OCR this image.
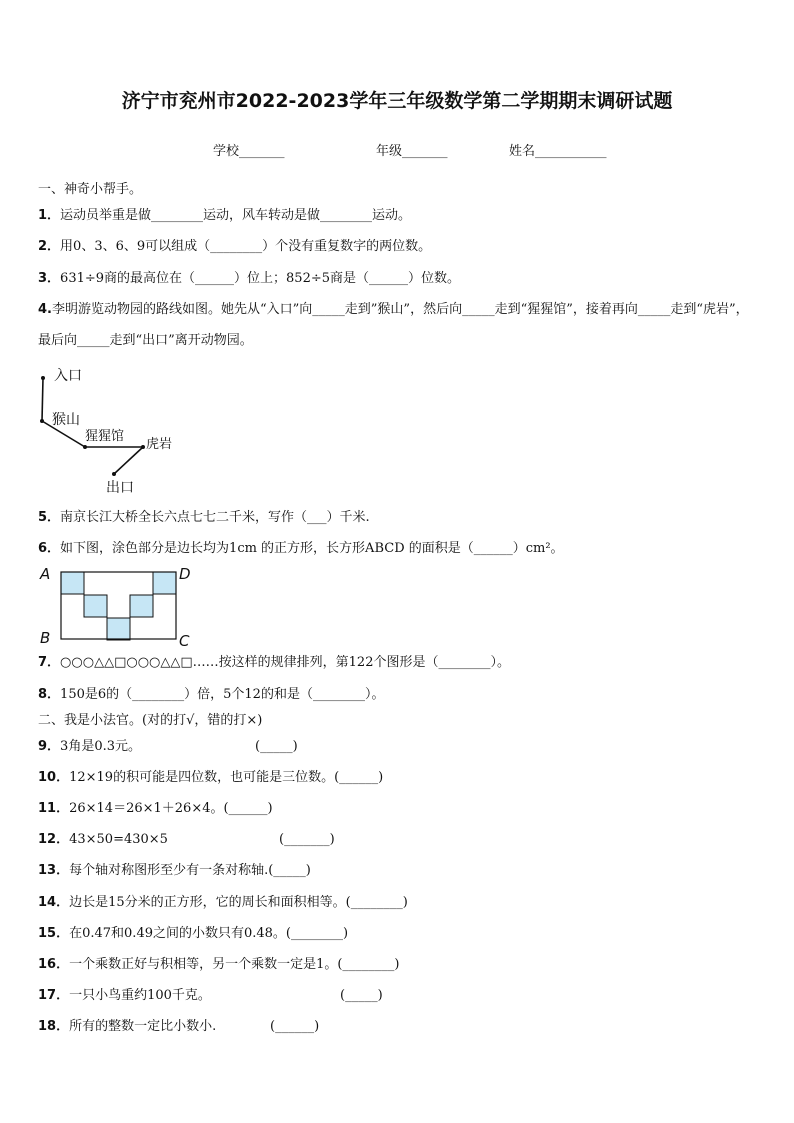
济宁市兖州市2022-2023学年三年级数学第二学期期末调研试题
学校_______	年级_______	姓名___________
一、神奇小帮手。
1．运动员举重是做________运动，风车转动是做________运动。
2．用0、3、6、9可以组成（________）个没有重复数字的两位数。
3．631÷9商的最高位在（______）位上；852÷5商是（______）位数。
4.李明游览动物园的路线如图。她先从“入口”向_____走到”猴山”，然后向_____走到“猩猩馆”，接着再向_____走到“虎岩”，最后向_____走到“出口”离开动物园。
入口
猴山
猩猩馆
虎岩
出口
5．南京长江大桥全长六点七七二千米，写作（___）千米.
6．如下图，涂色部分是边长均为1cm 的正方形，长方形ABCD 的面积是（______）cm²。
A	D
B	C
7．○○○△△□○○○△△□……按这样的规律排列，第122个图形是（________）。
8．150是6的（________）倍，5个12的和是（________）。
二、我是小法官。(对的打√，错的打×)
9．3角是0.3元。	(_____)
10．12×19的积可能是四位数，也可能是三位数。(______)
11．26×14＝26×1＋26×4。(______)
12．43×50=430×5	(_______)
13．每个轴对称图形至少有一条对称轴.(_____)
14．边长是15分米的正方形，它的周长和面积相等。(________)
15．在0.47和0.49之间的小数只有0.48。(________)
16．一个乘数正好与积相等，另一个乘数一定是1。(________)
17．一只小鸟重约100千克。	(_____)
18．所有的整数一定比小数小.	(______)
